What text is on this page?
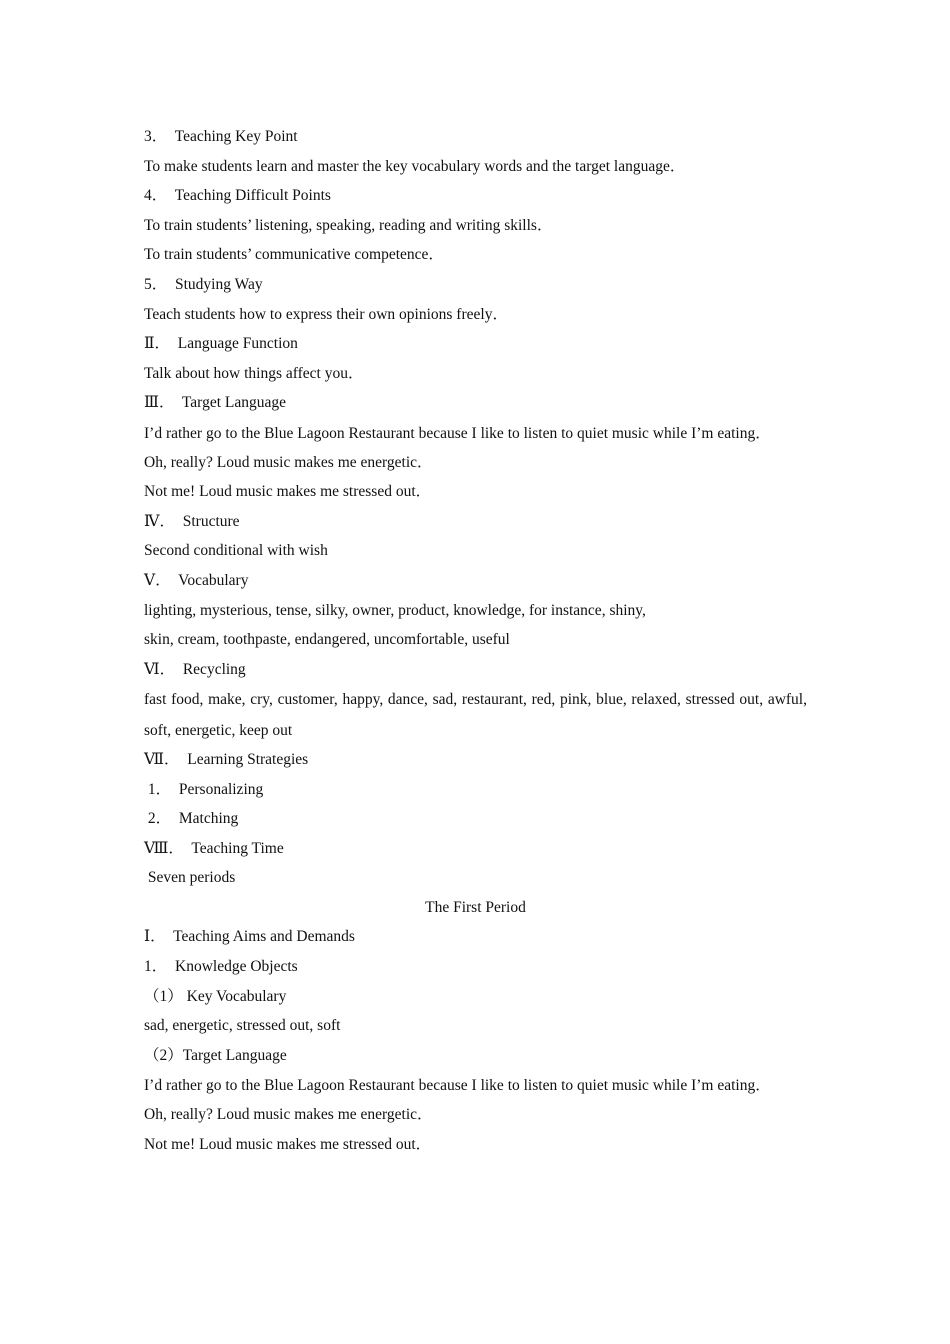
3．  Teaching Key Point
To make students learn and master the key vocabulary words and the target language．
4．  Teaching Difficult Points
To train students’ listening, speaking, reading and writing skills．
To train students’ communicative competence．
5．  Studying Way
Teach students how to express their own opinions freely．
Ⅱ．  Language Function
Talk about how things affect you．
Ⅲ．  Target Language
I’d rather go to the Blue Lagoon Restaurant because I like to listen to quiet music while I’m eating．
Oh, really? Loud music makes me energetic．
Not me! Loud music makes me stressed out．
Ⅳ．  Structure
Second conditional with wish
Ⅴ．  Vocabulary
lighting, mysterious, tense, silky, owner, product, knowledge, for instance, shiny,
skin, cream, toothpaste, endangered, uncomfortable, useful
Ⅵ．  Recycling
fast food, make, cry, customer, happy, dance, sad, restaurant, red, pink, blue, relaxed, stressed out, awful, soft, energetic, keep out
Ⅶ．  Learning Strategies
1．  Personalizing
2．  Matching
Ⅷ．  Teaching Time
Seven periods
The First Period
Ⅰ．  Teaching Aims and Demands
1．  Knowledge Objects
（1） Key Vocabulary
sad, energetic, stressed out, soft
（2）Target Language
I’d rather go to the Blue Lagoon Restaurant because I like to listen to quiet music while I’m eating．
Oh, really? Loud music makes me energetic．
Not me! Loud music makes me stressed out．
